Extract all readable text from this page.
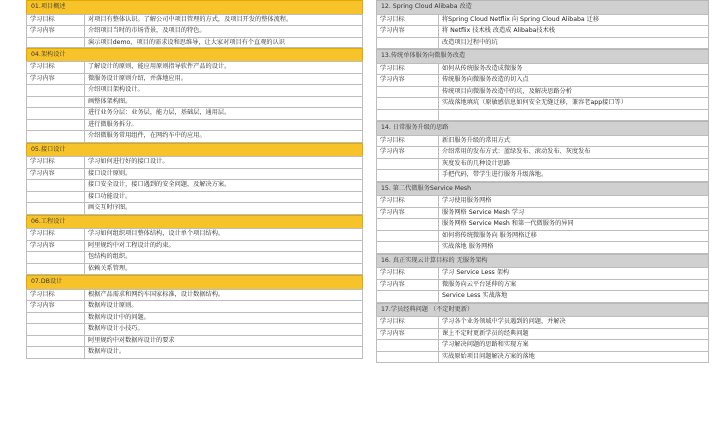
01.项目概述
学习目标	对项目有整体认识。了解公司中项目管理的方式，及项目开发的整体流程。
学习内容	介绍项目当时的市场背景，及项目的特色。
	演示项目demo，项目的需求设和思维导，让大家对项目有个直观的认识
04.架构设计
学习目标	了解设计的原则，能应用原则指导软件产品的设计。
学习内容	微服务设计原则介绍，并落地应用。
	介绍项目架构设计。
	画整体架构图。
	进行业务分层：业务层，能力层，基础层，通用层。
	进行微服务拆分。
	介绍微服务常用组件，在网约车中的应用。
05.接口设计
学习目标	学习如何进行好的接口设计。
学习内容	接口设计原则。
	接口安全设计，接口遇到的安全问题，及解决方案。
	接口功能设计。
	画交互时序图。
06.工程设计
学习目标	学习如何组织项目整体结构，设计单个项目结构。
学习内容	阿里规约中对工程设计的约束。
	包结构的组织。
	依赖关系管理。
07.DB设计
学习目标	根据产品需求和网约车国家标准，设计数据结构。
学习内容	数据库设计原则。
	数据库设计中的问题。
	数据库设计小技巧。
	阿里规约中对数据库设计的要求
	数据库设计。
12. Spring Cloud Alibaba 改造
学习目标	将Spring Cloud Netflix 向 Spring Cloud Alibaba 迁移
学习内容	将 Netflix 技术栈 改造成 Alibaba技术栈
	改造项目过程中的坑
13.传统单体服务向微服务改造
学习目标	如何从传统服务改造成微服务
学习内容	传统服务向微服务改造的切入点
	传统项目向微服务改造中的坑，及解决思路分析
	实战落地填坑（原敏感信息如何安全无缝迁移，兼容老app接口等）

14. 日常服务升级的思路
学习目标	新旧服务升级的常用方式
学习内容	介绍常用的发布方式：蓝绿发布、滚动发布、灰度发布
	灰度发布的几种设计思路
	手把代码，带学生进行服务升级落地。
15. 第二代微服务Service Mesh
学习目标	学习使用服务网格
学习内容	服务网格 Service Mesh 学习
	服务网格 Service Mesh 和第一代微服务的异同
	如何将传统微服务向 服务网格迁移
	实战落地 服务网格
16. 真正实现云计算目标的 无服务架构
学习目标	学习 Service Less 架构
学习内容	微服务向云平台延伸的方案
	Service Less 实战落地
17.学员经典问题 （不定时更新）
学习目标	学习各个业务领域中学员遇到的问题，并解决
学习内容	课上不定时更新学员的经典问题
	学习解决问题的思路和实现方案
	实战原始项目问题解决方案的落地
